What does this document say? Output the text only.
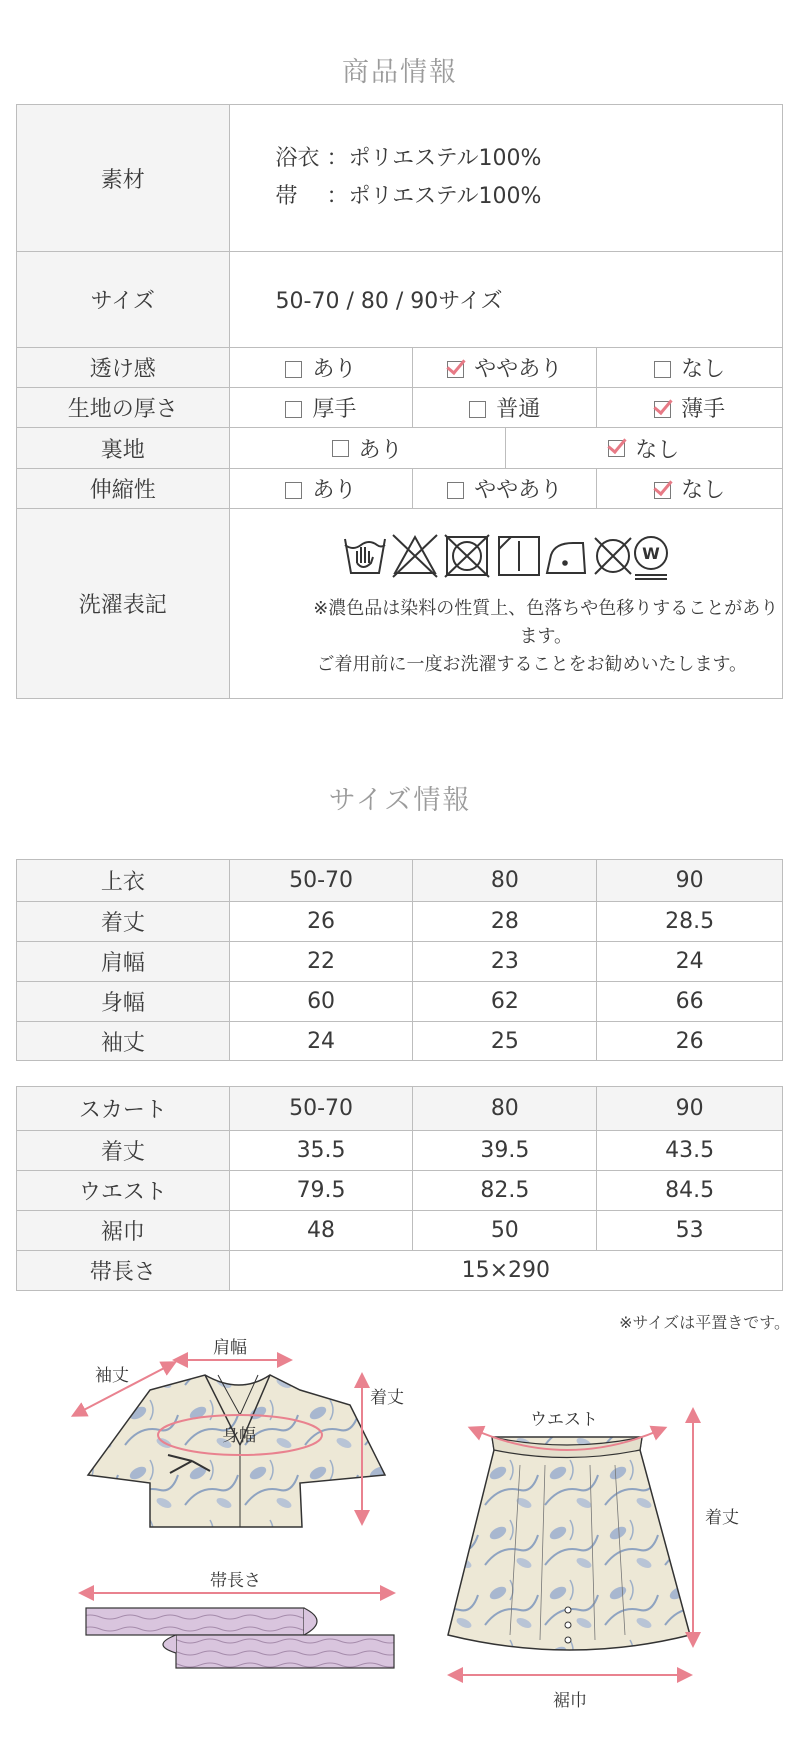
商品情報
素材	浴衣 ：ポリエステル100%
帯 　：ポリエステル100%		

サイズ	50-70 / 80 / 90サイズ		
透け感	あり	ややあり	なし
生地の厚さ	厚手	普通	薄手
裏地	あり なし		

伸縮性	あり	ややあり	なし
洗濯表記	W
※濃色品は染料の性質上、色落ちや色移りすることがあります。
ご着用前に一度お洗濯することをお勧めいたします。		
サイズ情報
上衣	50-70	80	90
着丈	26	28	28.5
肩幅	22	23	24
身幅	60	62	66
袖丈	24	25	26
スカート	50-70	80	90
着丈	35.5	39.5	43.5
ウエスト	79.5	82.5	84.5
裾巾	48	50	53
帯長さ	15×290		
※サイズは平置きです。
袖丈
肩幅
着丈
身幅
帯長さ
ウエスト
着丈
裾巾
